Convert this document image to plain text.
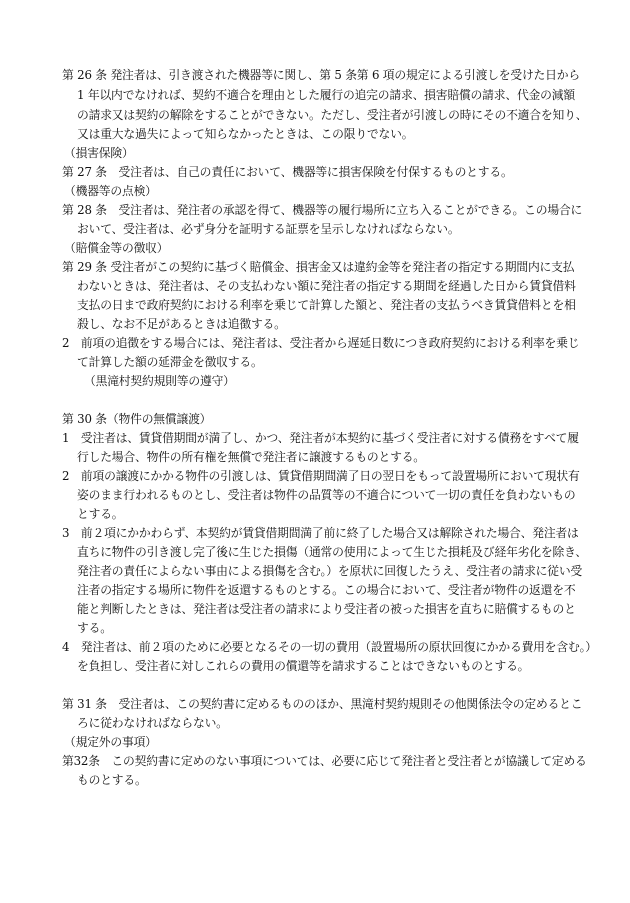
第 26 条 発注者は、引き渡された機器等に関し、第 5 条第 6 項の規定による引渡しを受けた日から
1 年以内でなければ、契約不適合を理由とした履行の追完の請求、損害賠償の請求、代金の減額
の請求又は契約の解除をすることができない。ただし、受注者が引渡しの時にその不適合を知り、
又は重大な過失によって知らなかったときは、この限りでない。
（損害保険）
第 27 条　受注者は、自己の責任において、機器等に損害保険を付保するものとする。
（機器等の点検）
第 28 条　受注者は、発注者の承認を得て、機器等の履行場所に立ち入ることができる。この場合に
おいて、受注者は、必ず身分を証明する証票を呈示しなければならない。
（賠償金等の徴収）
第 29 条 受注者がこの契約に基づく賠償金、損害金又は違約金等を発注者の指定する期間内に支払
わないときは、発注者は、その支払わない額に発注者の指定する期間を経過した日から賃貸借料
支払の日まで政府契約における利率を乗じて計算した額と、発注者の支払うべき賃貸借料とを相
殺し、なお不足があるときは追徴する。
2　前項の追徴をする場合には、発注者は、受注者から遅延日数につき政府契約における利率を乗じ
て計算した額の延滞金を徴収する。
（黒滝村契約規則等の遵守）
第 30 条（物件の無償譲渡）
1　受注者は、賃貸借期間が満了し、かつ、発注者が本契約に基づく受注者に対する債務をすべて履
行した場合、物件の所有権を無償で発注者に譲渡するものとする。
2　前項の譲渡にかかる物件の引渡しは、賃貸借期間満了日の翌日をもって設置場所において現状有
姿のまま行われるものとし、受注者は物件の品質等の不適合について一切の責任を負わないもの
とする。
3　前２項にかかわらず、本契約が賃貸借期間満了前に終了した場合又は解除された場合、発注者は
直ちに物件の引き渡し完了後に生じた損傷（通常の使用によって生じた損耗及び経年劣化を除き、
発注者の責任によらない事由による損傷を含む。）を原状に回復したうえ、受注者の請求に従い受
注者の指定する場所に物件を返還するものとする。この場合において、受注者が物件の返還を不
能と判断したときは、発注者は受注者の請求により受注者の被った損害を直ちに賠償するものと
する。
4　発注者は、前２項のために必要となるその一切の費用（設置場所の原状回復にかかる費用を含む。）
を負担し、受注者に対しこれらの費用の償還等を請求することはできないものとする。
第 31 条　受注者は、この契約書に定めるもののほか、黒滝村契約規則その他関係法令の定めるとこ
ろに従わなければならない。
（規定外の事項）
第32条　この契約書に定めのない事項については、必要に応じて発注者と受注者とが協議して定める
ものとする。
